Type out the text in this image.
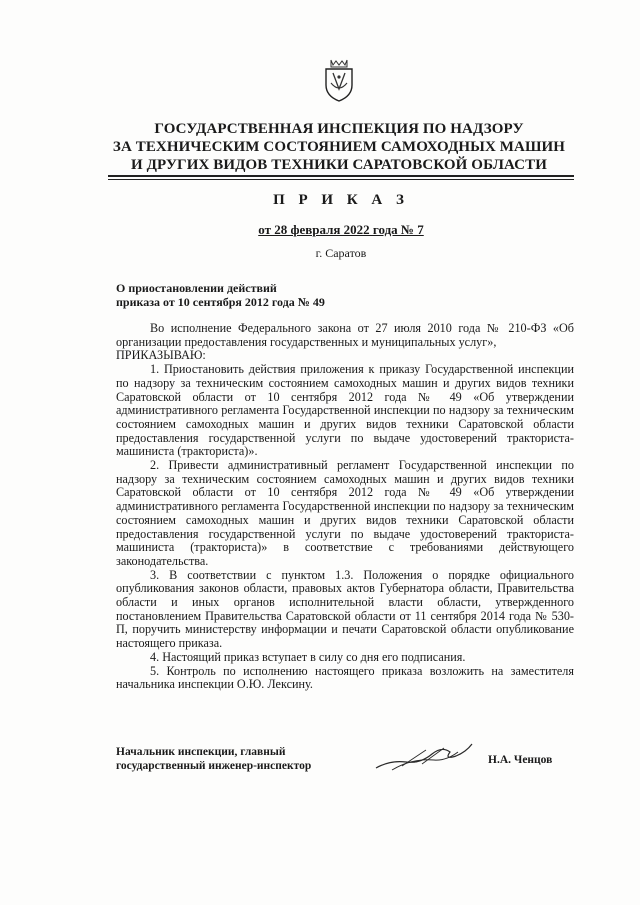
ГОСУДАРСТВЕННАЯ ИНСПЕКЦИЯ ПО НАДЗОРУ
ЗА ТЕХНИЧЕСКИМ СОСТОЯНИЕМ САМОХОДНЫХ МАШИН
И ДРУГИХ ВИДОВ ТЕХНИКИ САРАТОВСКОЙ ОБЛАСТИ
П Р И К А З
от 28 февраля 2022 года № 7
г. Саратов
О приостановлении действий
приказа от 10 сентября 2012 года № 49

Во исполнение Федерального закона от 27 июля 2010 года № 210-ФЗ «Об организации предоставления государственных и муниципальных услуг»,

ПРИКАЗЫВАЮ:

1. Приостановить действия приложения к приказу Государственной инспекции по надзору за техническим состоянием самоходных машин и других видов техники Саратовской области от 10 сентября 2012 года № 49 «Об утверждении административного регламента Государственной инспекции по надзору за техническим состоянием самоходных машин и других видов техники Саратовской области предоставления государственной услуги по выдаче удостоверений тракториста-машиниста (тракториста)».

2. Привести административный регламент Государственной инспекции по надзору за техническим состоянием самоходных машин и других видов техники Саратовской области от 10 сентября 2012 года № 49 «Об утверждении административного регламента Государственной инспекции по надзору за техническим состоянием самоходных машин и других видов техники Саратовской области предоставления государственной услуги по выдаче удостоверений тракториста-машиниста (тракториста)» в соответствие с требованиями действующего законодательства.

3. В соответствии с пунктом 1.3. Положения о порядке официального опубликования законов области, правовых актов Губернатора области, Правительства области и иных органов исполнительной власти области, утвержденного постановлением Правительства Саратовской области от 11 сентября 2014 года № 530-П, поручить министерству информации и печати Саратовской области опубликование настоящего приказа.

4. Настоящий приказ вступает в силу со дня его подписания.

5. Контроль по исполнению настоящего приказа возложить на заместителя начальника инспекции О.Ю. Лексину.

Начальник инспекции, главный
государственный инженер-инспектор	Н.А. Ченцов
